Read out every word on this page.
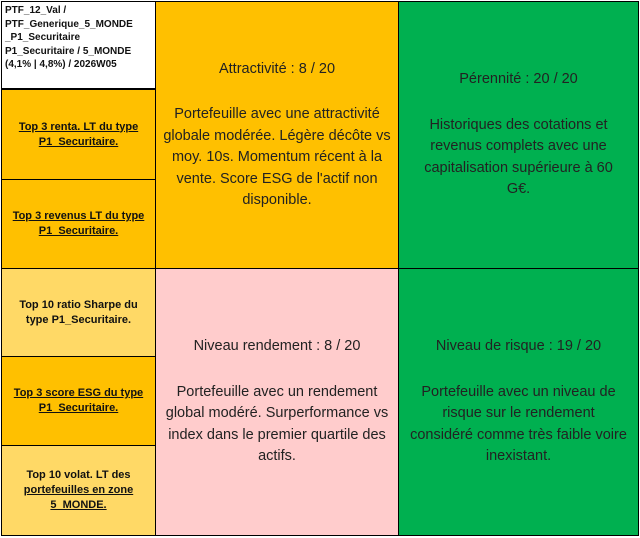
PTF_12_Val /
PTF_Generique_5_MONDE
_P1_Securitaire
P1_Securitaire / 5_MONDE
(4,1% | 4,8%) / 2026W05
Top 3 renta. LT du type P1_Securitaire.
Top 3 revenus LT du type P1_Securitaire.
Top 10 ratio Sharpe du type P1_Securitaire.
Top 3 score ESG du type P1_Securitaire.
Top 10 volat. LT des
portefeuilles en zone
5_MONDE.
Attractivité : 8 / 20
Portefeuille avec une attractivité globale modérée. Légère décôte vs moy. 10s. Momentum récent à la vente. Score ESG de l'actif non disponible.
Pérennité : 20 / 20
Historiques des cotations et revenus complets avec une capitalisation supérieure à 60 G€.
Niveau rendement : 8 / 20
Portefeuille avec un rendement global modéré. Surperformance vs index dans le premier quartile des actifs.
Niveau de risque : 19 / 20
Portefeuille avec un niveau de risque sur le rendement considéré comme très faible voire inexistant.
